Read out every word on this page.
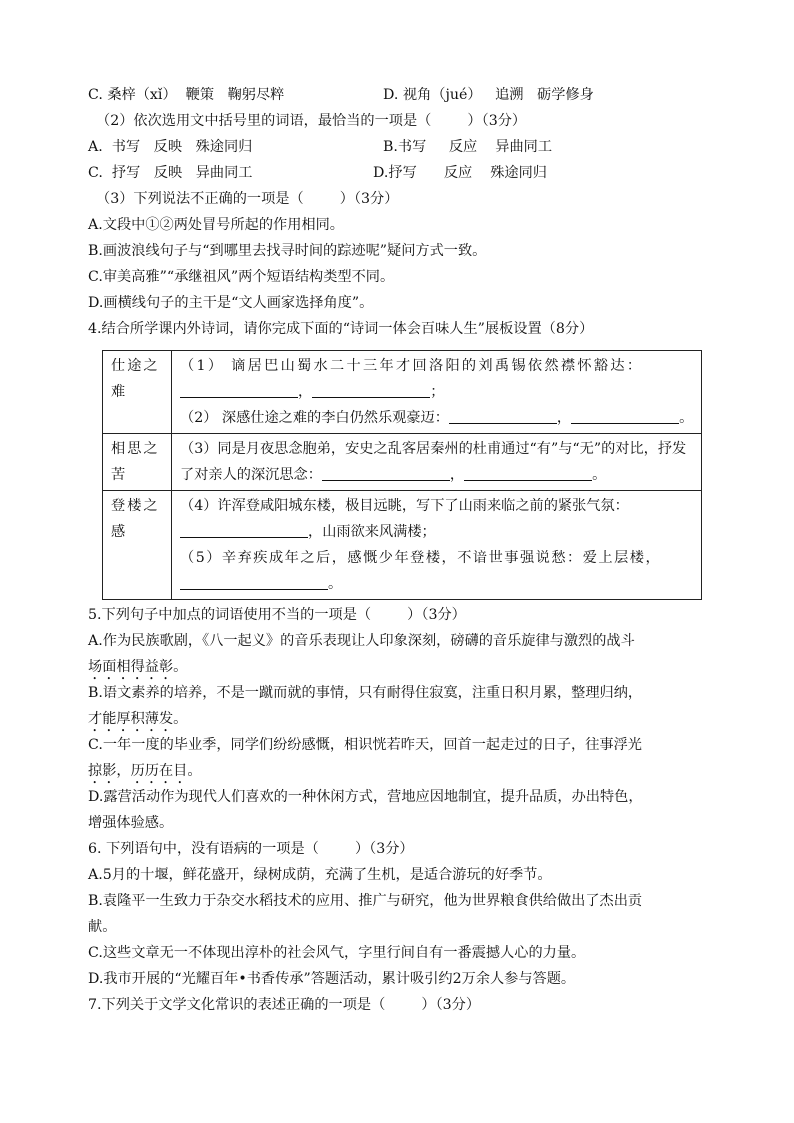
C. 桑梓（xǐ）  鞭策   鞠躬尽粹

	D. 视角（jué）   追溯   砺学修身

（2）依次选用文中括号里的词语，最恰当的一项是（        ）（3分）

A.  书写   反映   殊途同归

	B.书写     反应    异曲同工

C.  抒写   反映   异曲同工

	D.抒写      反应    殊途同归

（3）下列说法不正确的一项是（        ）（3分）
A.文段中①②两处冒号所起的作用相同。
B.画波浪线句子与“到哪里去找寻时间的踪迹呢”疑问方式一致。
C.审美高雅”“承继祖风”两个短语结构类型不同。
D.画横线句子的主干是“文人画家选择角度”。
4.结合所学课内外诗词，请你完成下面的“诗词一体会百味人生”展板设置（8分）
仕途之难	（1） 谪居巴山蜀水二十三年才回洛阳的刘禹锡依然襟怀豁达：， ；
（2） 深感仕途之难的李白仍然乐观豪迈： ， 。

相思之苦	（3）同是月夜思念胞弟，安史之乱客居秦州的杜甫通过“有”与“无”的对比，抒发了对亲人的深沉思念： ， 。

登楼之感	（4）许浑登咸阳城东楼，极目远眺，写下了山雨来临之前的紧张气氛：，山雨欲来风满楼；
（5）辛弃疾成年之后，感慨少年登楼，不谙世事强说愁：爱上层楼，。
5.下列句子中加点的词语使用不当的一项是（        ）（3分）
A.作为民族歌剧，《八一起义》的音乐表现让人印象深刻，磅礴的音乐旋律与激烈的战斗
场面相得益彰。
B.语文素养的培养，不是一蹴而就的事情，只有耐得住寂寞，注重日积月累，整理归纳，
才能厚积薄发。
C.一年一度的毕业季，同学们纷纷感慨，相识恍若昨天，回首一起走过的日子，往事浮光
掠影，历历在目。
D.露营活动作为现代人们喜欢的一种休闲方式，营地应因地制宜，提升品质，办出特色，
增强体验感。
6. 下列语句中，没有语病的一项是（        ）（3分）
A.5月的十堰，鲜花盛开，绿树成荫，充满了生机，是适合游玩的好季节。
B.袁隆平一生致力于杂交水稻技术的应用、推广与研究，他为世界粮食供给做出了杰出贡
献。
C.这些文章无一不体现出淳朴的社会风气，字里行间自有一番震撼人心的力量。
D.我市开展的“光耀百年•书香传承”答题活动，累计吸引约2万余人参与答题。
7.下列关于文学文化常识的表述正确的一项是（        ）（3分）
